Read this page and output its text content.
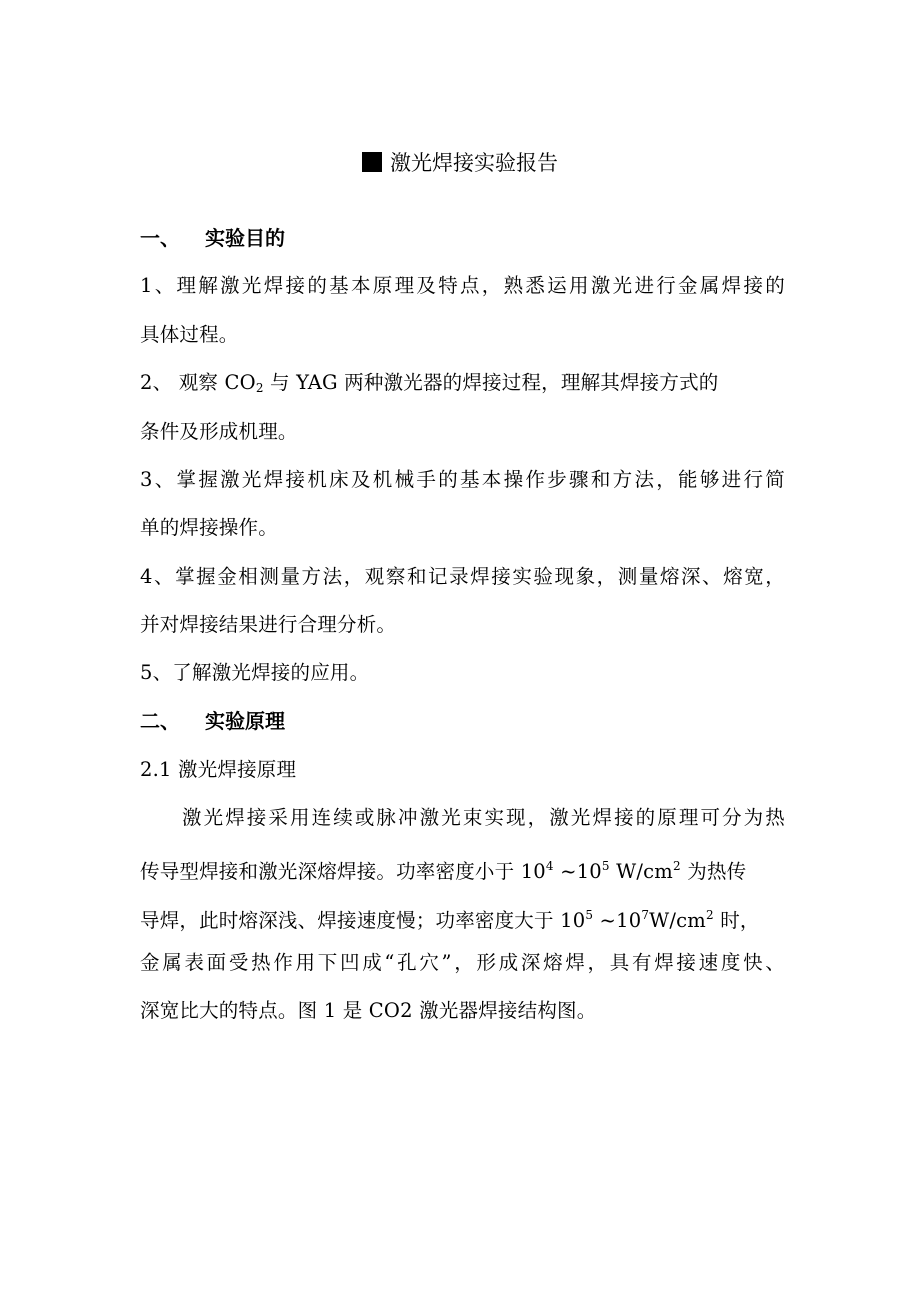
激光焊接实验报告
一、 实验目的
1、理解激光焊接的基本原理及特点，熟悉运用激光进行金属焊接的
具体过程。
2、 观察 $CO_2$ 与 YAG 两种激光器的焊接过程，理解其焊接方式的
条件及形成机理。
3、掌握激光焊接机床及机械手的基本操作步骤和方法，能够进行简
单的焊接操作。
4、掌握金相测量方法，观察和记录焊接实验现象，测量熔深、熔宽，
并对焊接结果进行合理分析。
5、了解激光焊接的应用。
二、 实验原理
2.1 激光焊接原理
激光焊接采用连续或脉冲激光束实现，激光焊接的原理可分为热
传导型焊接和激光深熔焊接。功率密度小于 $10^4$ $\sim 10^5$ $W/cm^2$ 为热传
导焊，此时熔深浅、焊接速度慢；功率密度大于 $10^5$ $\sim 10^7W/cm^2$ 时，
金属表面受热作用下凹成“孔穴”，形成深熔焊，具有焊接速度快、
深宽比大的特点。图 1 是 CO2 激光器焊接结构图。
